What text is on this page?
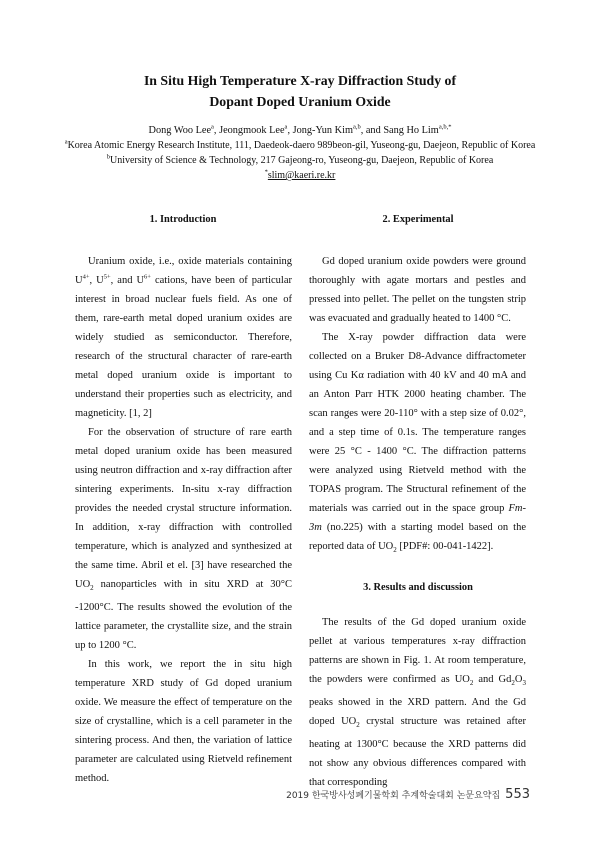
In Situ High Temperature X-ray Diffraction Study of
Dopant Doped Uranium Oxide
Dong Woo Lee$^a$, Jeongmook Lee$^a$, Jong-Yun Kim$^{a,b}$, and Sang Ho Lim$^{a,b,*}$
$^a$Korea Atomic Energy Research Institute, 111, Daedeok-daero 989beon-gil, Yuseong-gu, Daejeon, Republic of Korea
$^b$University of Science & Technology, 217 Gajeong-ro, Yuseong-gu, Daejeon, Republic of Korea
*slim@kaeri.re.kr
1. Introduction	2. Experimental
3. Results and discussion

Uranium oxide, i.e., oxide materials containing $U^{4+}$, $U^{5+}$, and $U^{6+}$ cations, have been of particular interest in broad nuclear fuels field. As one of them, rare-earth metal doped uranium oxides are widely studied as semiconductor. Therefore, research of the structural character of rare-earth metal doped uranium oxide is important to understand their properties such as electricity, and magneticity. [1, 2]

For the observation of structure of rare earth metal doped uranium oxide has been measured using neutron diffraction and x-ray diffraction after sintering experiments. In-situ x-ray diffraction provides the needed crystal structure information. In addition, x-ray diffraction with controlled temperature, which is analyzed and synthesized at the same time. Abril et el. [3] have researched the $UO_2$ nanoparticles with in situ XRD at 30°C -1200°C. The results showed the evolution of the lattice parameter, the crystallite size, and the strain up to 1200 °C.

In this work, we report the in situ high temperature XRD study of Gd doped uranium oxide. We measure the effect of temperature on the size of crystalline, which is a cell parameter in the sintering process. And then, the variation of lattice parameter are calculated using Rietveld refinement method.

Gd doped uranium oxide powders were ground thoroughly with agate mortars and pestles and pressed into pellet. The pellet on the tungsten strip was evacuated and gradually heated to 1400 °C.

The X-ray powder diffraction data were collected on a Bruker D8-Advance diffractometer using Cu Kα radiation with 40 kV and 40 mA and an Anton Parr HTK 2000 heating chamber. The scan ranges were 20-110° with a step size of 0.02°, and a step time of 0.1s. The temperature ranges were 25 °C - 1400 °C. The diffraction patterns were analyzed using Rietveld method with the TOPAS program. The Structural refinement of the materials was carried out in the space group Fm-3m (no.225) with a starting model based on the reported data of $UO_2$ [PDF#: 00-041-1422].

The results of the Gd doped uranium oxide pellet at various temperatures x-ray diffraction patterns are shown in Fig. 1. At room temperature, the powders were confirmed as $UO_2$ and $Gd_2O_3$ peaks showed in the XRD pattern. And the Gd doped $UO_2$ crystal structure was retained after heating at 1300°C because the XRD patterns did not show any obvious differences compared with that corresponding

2019 한국방사성폐기물학회 추계학술대회 논문요약집 553
